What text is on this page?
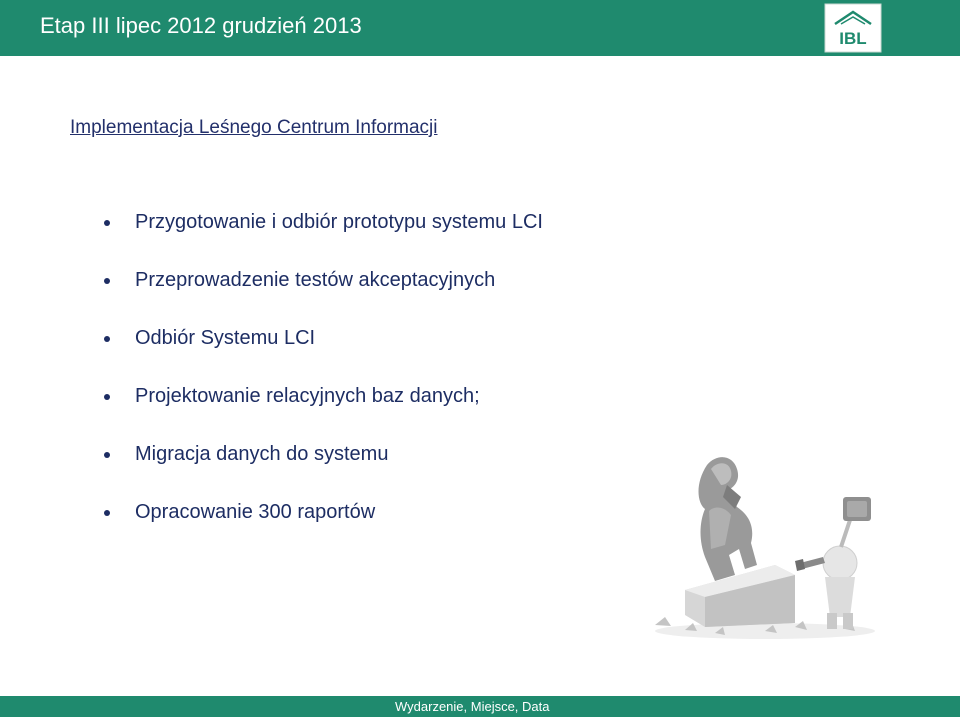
Etap III lipec 2012 grudzień 2013
IBL
Implementacja Leśnego Centrum Informacji
Przygotowanie i odbiór prototypu systemu LCI
Przeprowadzenie testów akceptacyjnych
Odbiór Systemu LCI
Projektowanie relacyjnych baz danych;
Migracja danych do systemu
Opracowanie 300 raportów
Wydarzenie, Miejsce, Data
